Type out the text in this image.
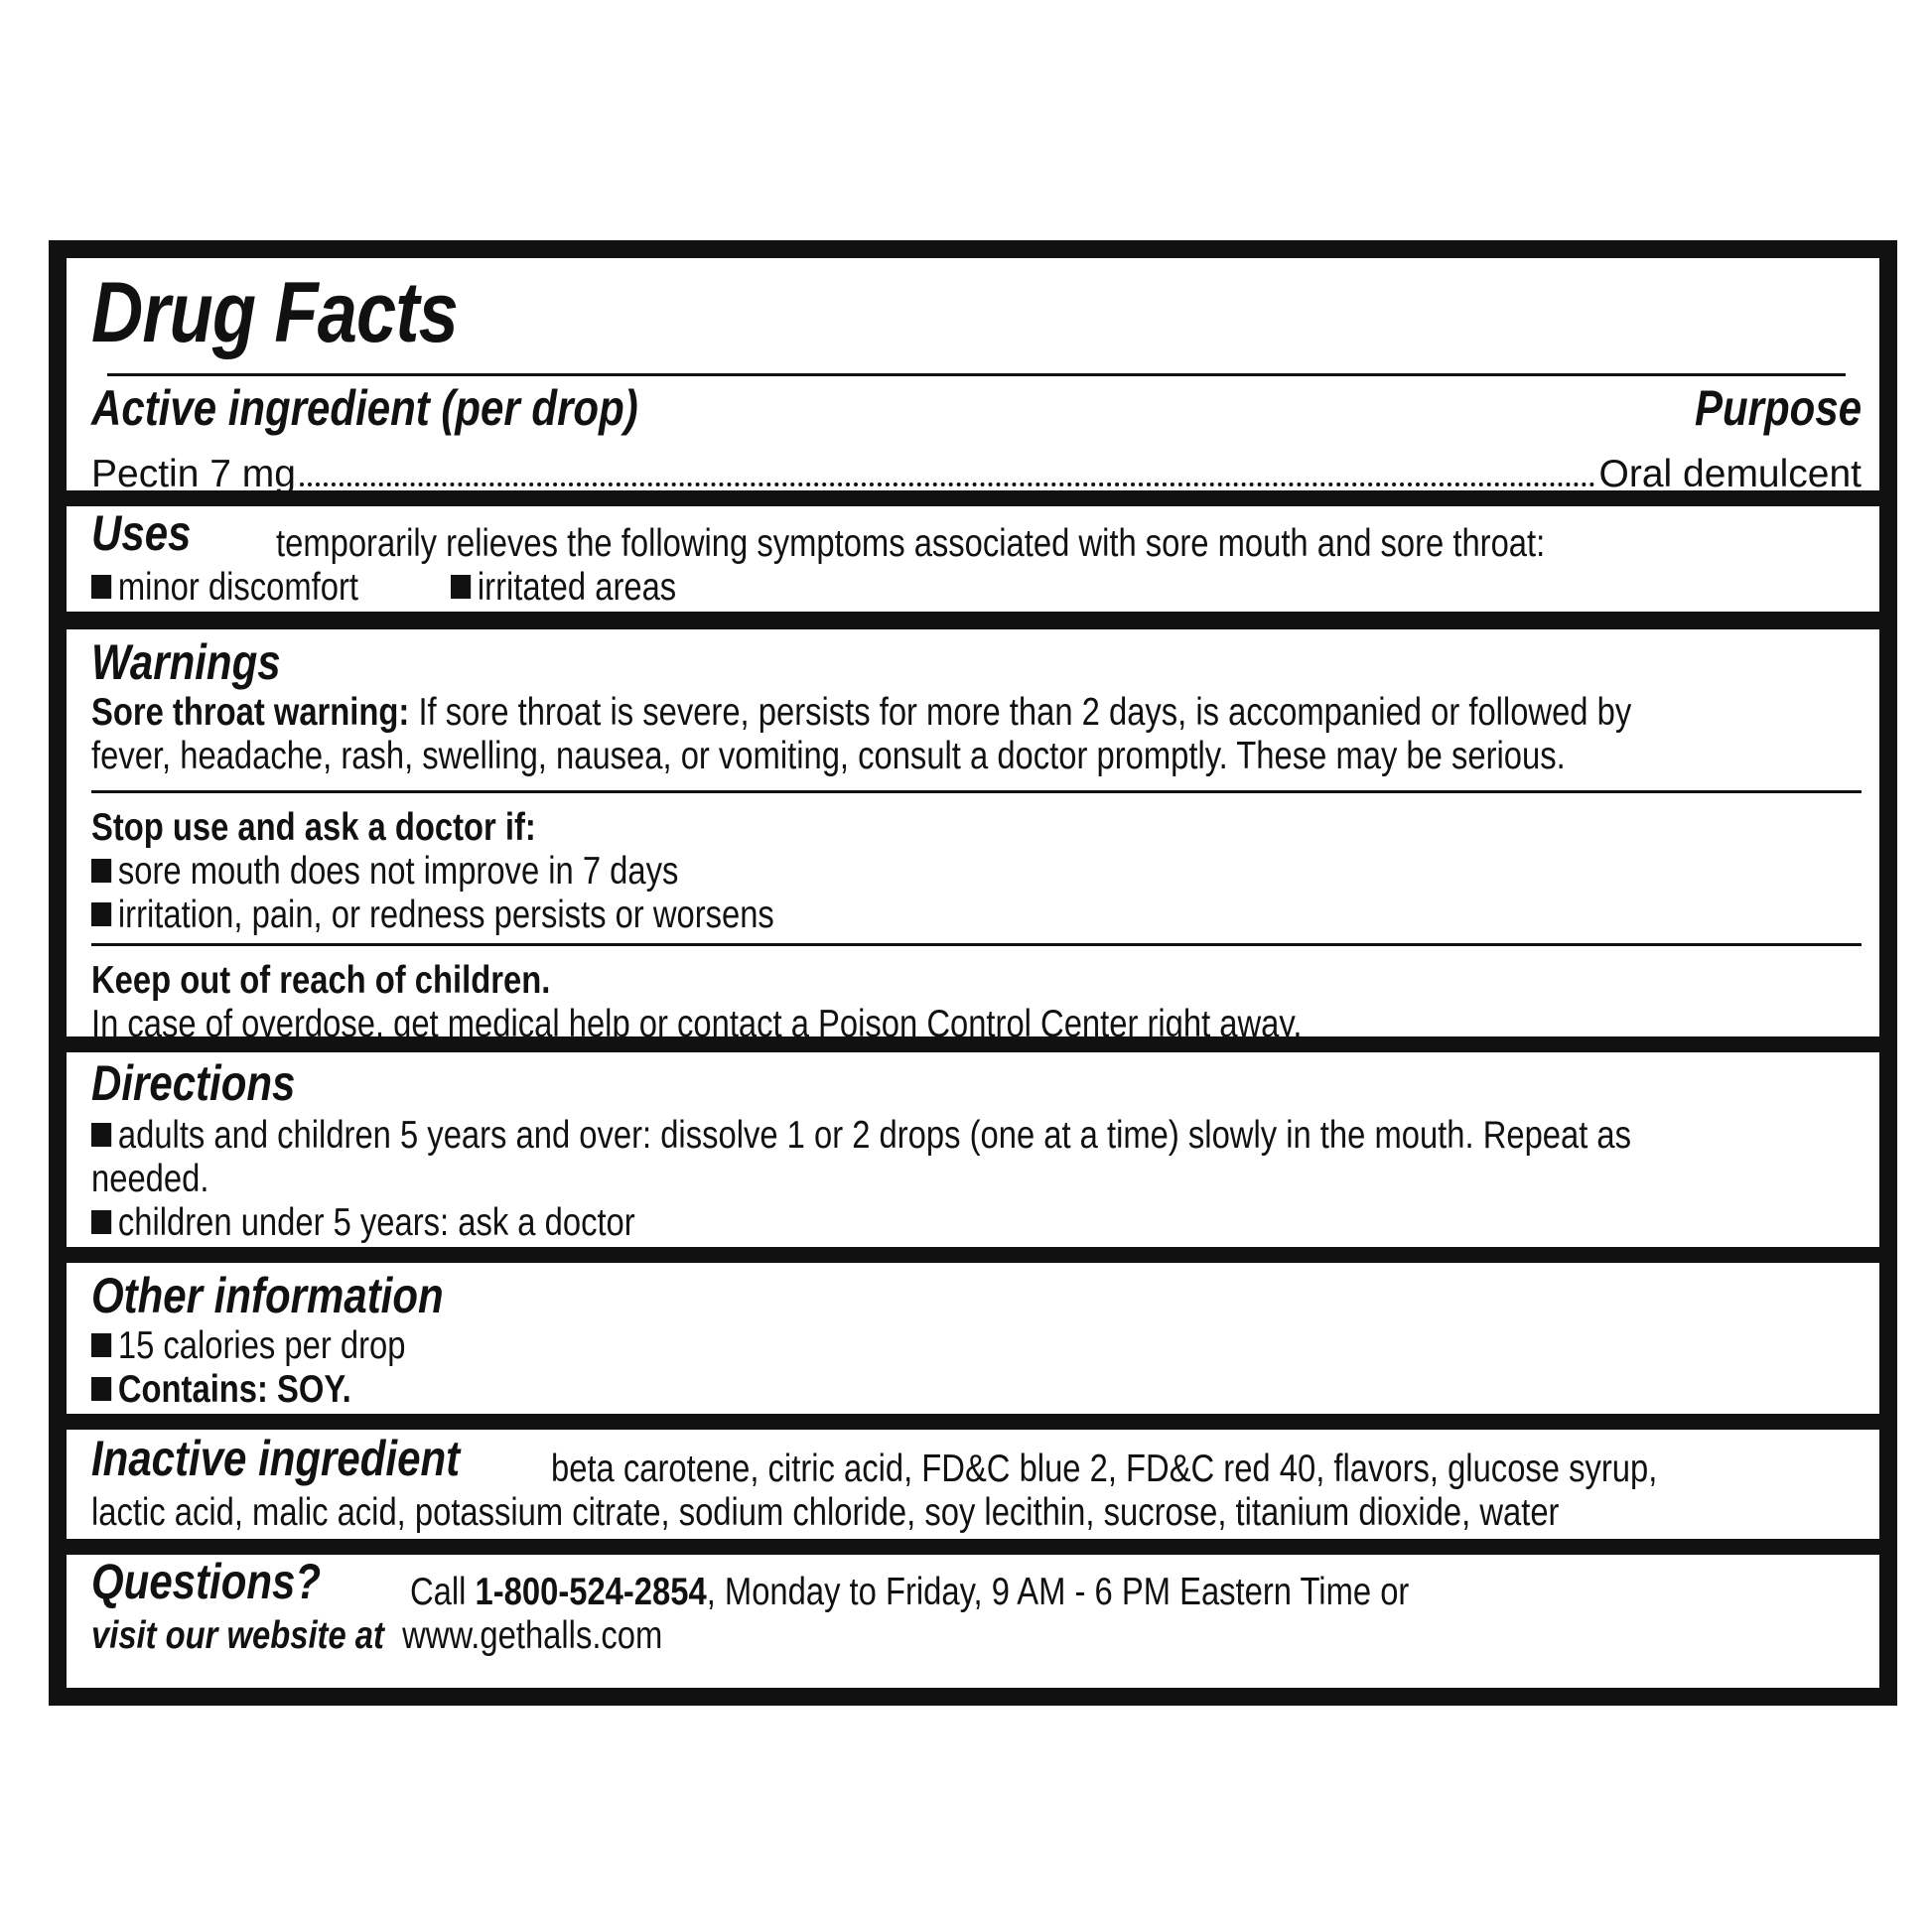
Drug Facts
Active ingredient (per drop)	Purpose
Pectin 7 mg	Oral demulcent
Uses	temporarily relieves the following symptoms associated with sore mouth and sore throat:
minor discomfort	irritated areas
Warnings
Sore throat warning: If sore throat is severe, persists for more than 2 days, is accompanied or followed by
fever, headache, rash, swelling, nausea, or vomiting, consult a doctor promptly. These may be serious.
Stop use and ask a doctor if:
sore mouth does not improve in 7 days
irritation, pain, or redness persists or worsens
Keep out of reach of children.
In case of overdose, get medical help or contact a Poison Control Center right away.
Directions
adults and children 5 years and over: dissolve 1 or 2 drops (one at a time) slowly in the mouth. Repeat as
needed.
children under 5 years: ask a doctor
Other information
15 calories per drop
Contains: SOY.
Inactive ingredient	beta carotene, citric acid, FD&C blue 2, FD&C red 40, flavors, glucose syrup,
lactic acid, malic acid, potassium citrate, sodium chloride, soy lecithin, sucrose, titanium dioxide, water
Questions?	Call 1-800-524-2854, Monday to Friday, 9 AM - 6 PM Eastern Time or
visit our website at www.gethalls.com
